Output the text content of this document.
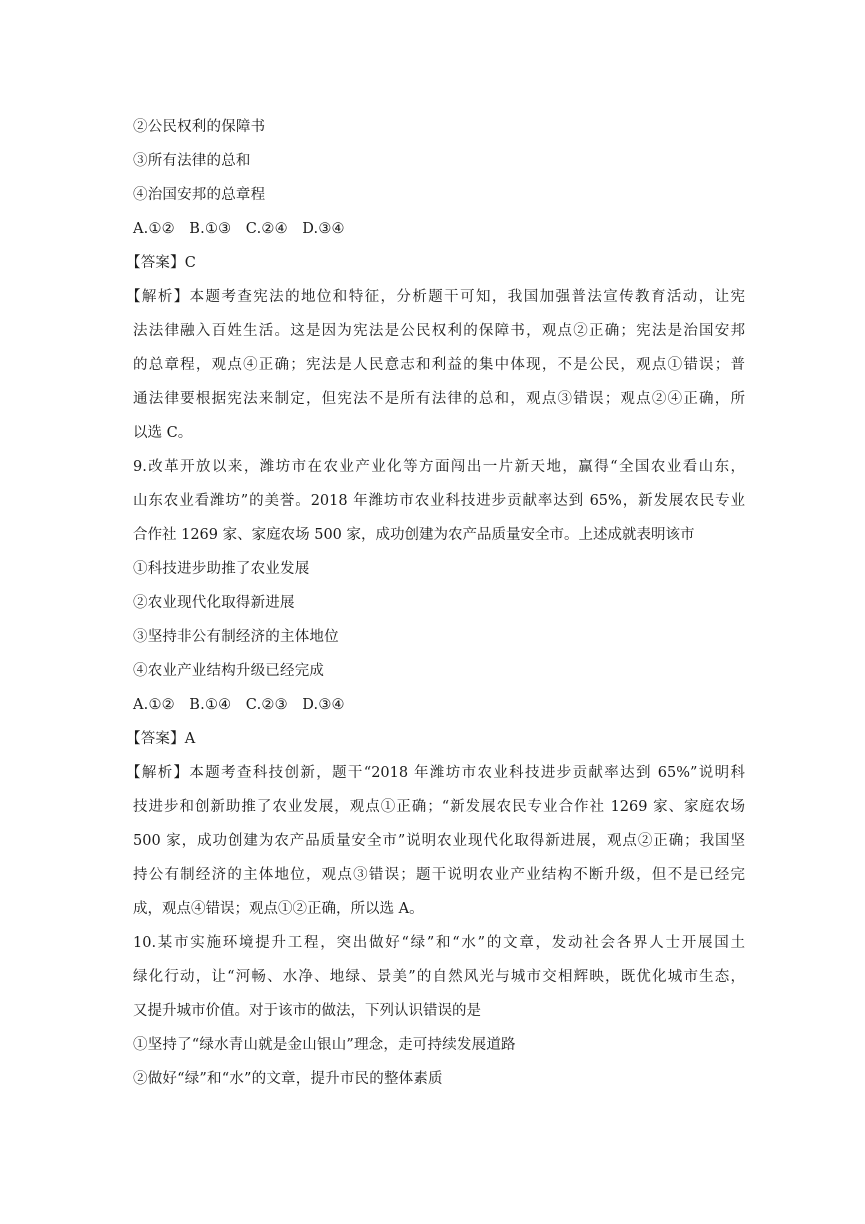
②公民权利的保障书
③所有法律的总和
④治国安邦的总章程
A.①②   B.①③   C.②④   D.③④
【答案】C
【解析】本题考查宪法的地位和特征，分析题干可知，我国加强普法宣传教育活动，让宪
法法律融入百姓生活。这是因为宪法是公民权利的保障书，观点②正确；宪法是治国安邦
的总章程，观点④正确；宪法是人民意志和利益的集中体现，不是公民，观点①错误；普
通法律要根据宪法来制定，但宪法不是所有法律的总和，观点③错误；观点②④正确，所
以选 C。
9.改革开放以来，潍坊市在农业产业化等方面闯出一片新天地，赢得“全国农业看山东，
山东农业看潍坊”的美誉。2018 年潍坊市农业科技进步贡献率达到 65%，新发展农民专业
合作社 1269 家、家庭农场 500 家，成功创建为农产品质量安全市。上述成就表明该市
①科技进步助推了农业发展
②农业现代化取得新进展
③坚持非公有制经济的主体地位
④农业产业结构升级已经完成
A.①②   B.①④   C.②③   D.③④
【答案】A
【解析】本题考查科技创新，题干“2018 年潍坊市农业科技进步贡献率达到 65%”说明科
技进步和创新助推了农业发展，观点①正确；“新发展农民专业合作社 1269 家、家庭农场
500 家，成功创建为农产品质量安全市”说明农业现代化取得新进展，观点②正确；我国坚
持公有制经济的主体地位，观点③错误；题干说明农业产业结构不断升级，但不是已经完
成，观点④错误；观点①②正确，所以选 A。
10.某市实施环境提升工程，突出做好“绿”和“水”的文章，发动社会各界人士开展国土
绿化行动，让“河畅、水净、地绿、景美”的自然风光与城市交相辉映，既优化城市生态，
又提升城市价值。对于该市的做法，下列认识错误的是
①坚持了“绿水青山就是金山银山”理念，走可持续发展道路
②做好“绿”和“水”的文章，提升市民的整体素质
